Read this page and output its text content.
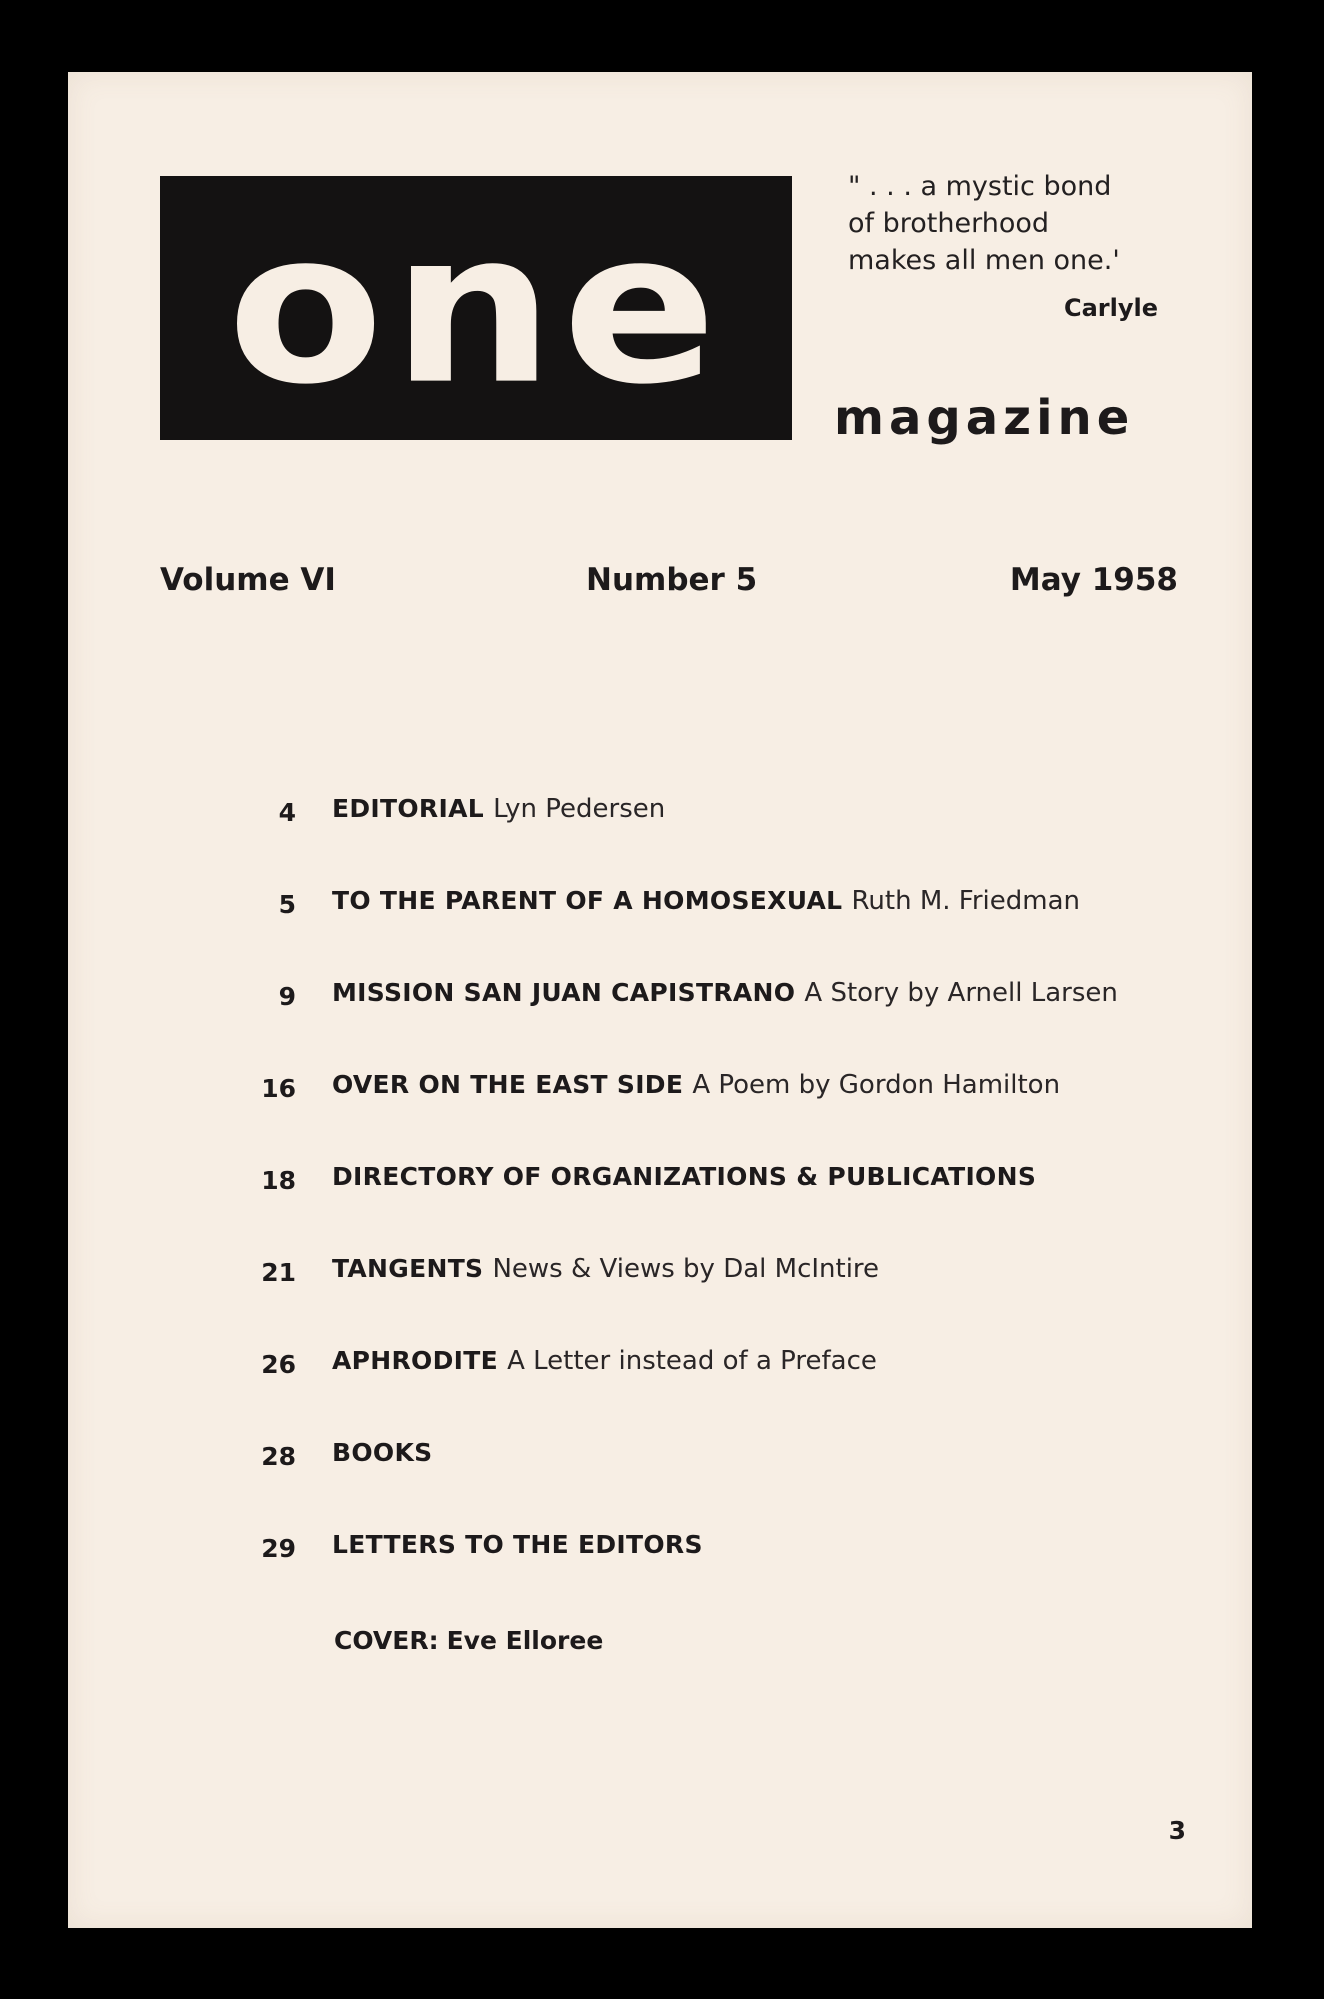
one	" . . . a mystic bond
of brotherhood
makes all men one.'
Carlyle
magazine
Volume VI	Number 5	May 1958
4 EDITORIAL Lyn Pedersen
5 TO THE PARENT OF A HOMOSEXUAL Ruth M. Friedman
9 MISSION SAN JUAN CAPISTRANO A Story by Arnell Larsen
16 OVER ON THE EAST SIDE A Poem by Gordon Hamilton
18 DIRECTORY OF ORGANIZATIONS & PUBLICATIONS
21 TANGENTS News & Views by Dal McIntire
26 APHRODITE A Letter instead of a Preface
28 BOOKS
29 LETTERS TO THE EDITORS
COVER: Eve Elloree
3
